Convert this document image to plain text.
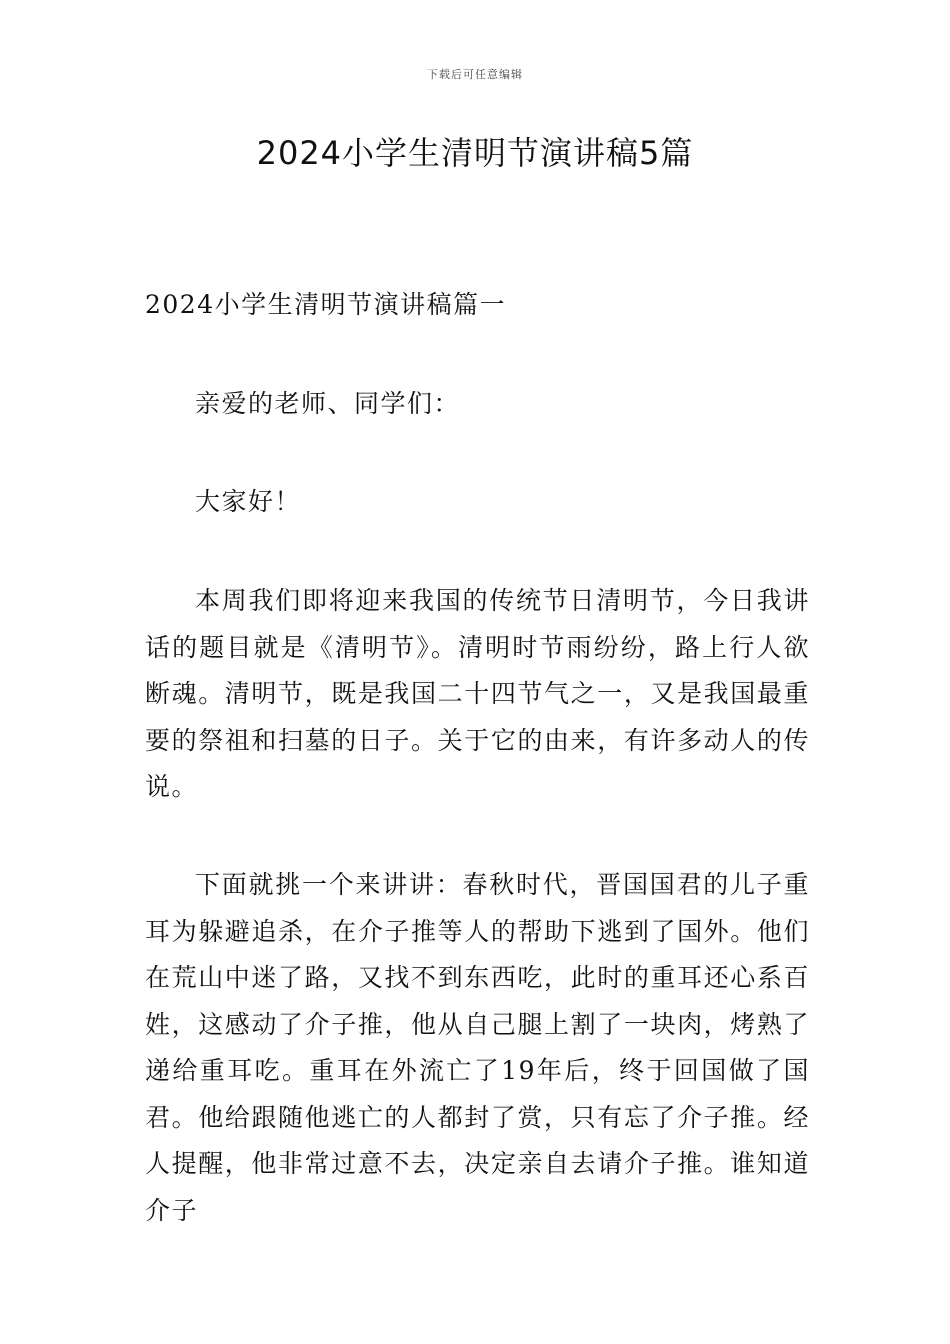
下载后可任意编辑
2024小学生清明节演讲稿5篇

2024小学生清明节演讲稿篇一

亲爱的老师、同学们：

大家好！

本周我们即将迎来我国的传统节日清明节，今日我讲话的题目就是《清明节》。清明时节雨纷纷，路上行人欲断魂。清明节，既是我国二十四节气之一，又是我国最重要的祭祖和扫墓的日子。关于它的由来，有许多动人的传说。

下面就挑一个来讲讲：春秋时代，晋国国君的儿子重耳为躲避追杀，在介子推等人的帮助下逃到了国外。他们在荒山中迷了路，又找不到东西吃，此时的重耳还心系百姓，这感动了介子推，他从自己腿上割了一块肉，烤熟了递给重耳吃。重耳在外流亡了19年后，终于回国做了国君。他给跟随他逃亡的人都封了赏，只有忘了介子推。经人提醒，他非常过意不去，决定亲自去请介子推。谁知道介子
